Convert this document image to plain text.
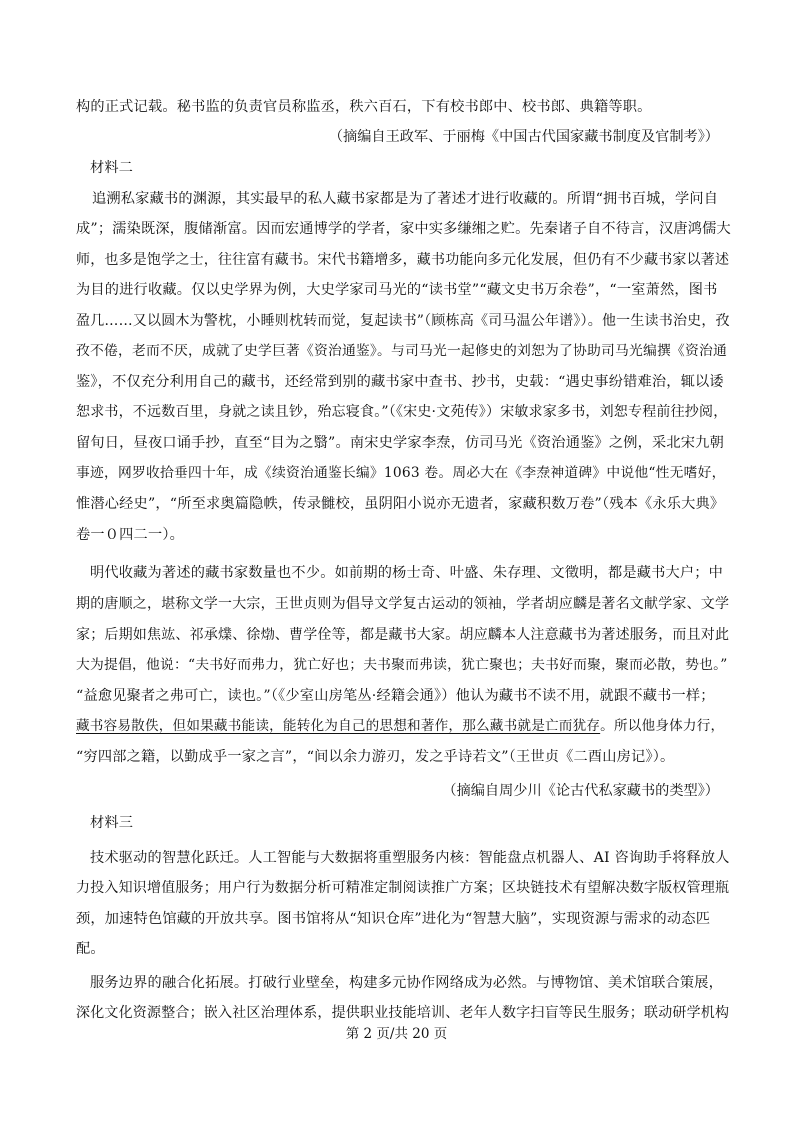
构的正式记载。秘书监的负责官员称监丞，秩六百石，下有校书郎中、校书郎、典籍等职。
（摘编自王政军、于丽梅《中国古代国家藏书制度及官制考》）
材料二
追溯私家藏书的渊源，其实最早的私人藏书家都是为了著述才进行收藏的。所谓“拥书百城，学问自
成”；濡染既深，腹储渐富。因而宏通博学的学者，家中实多缣缃之贮。先秦诸子自不待言，汉唐鸿儒大
师，也多是饱学之士，往往富有藏书。宋代书籍增多，藏书功能向多元化发展，但仍有不少藏书家以著述
为目的进行收藏。仅以史学界为例，大史学家司马光的“读书堂”“藏文史书万余卷”，“一室萧然，图书
盈几……又以圆木为警枕，小睡则枕转而觉，复起读书”（顾栋高《司马温公年谱》）。他一生读书治史，孜
孜不倦，老而不厌，成就了史学巨著《资治通鉴》。与司马光一起修史的刘恕为了协助司马光编撰《资治通
鉴》，不仅充分利用自己的藏书，还经常到别的藏书家中查书、抄书，史载：“遇史事纷错难治，辄以诿
恕求书，不远数百里，身就之读且钞，殆忘寝食。”（《宋史·文苑传》）宋敏求家多书，刘恕专程前往抄阅，
留旬日，昼夜口诵手抄，直至“目为之翳”。南宋史学家李焘，仿司马光《资治通鉴》之例，采北宋九朝
事迹，网罗收拾垂四十年，成《续资治通鉴长编》1063 卷。周必大在《李焘神道碑》中说他“性无嗜好，
惟潜心经史”，“所至求奥篇隐帙，传录雠校，虽阴阳小说亦无遗者，家藏积数万卷”（残本《永乐大典》
卷一０四二一）。
明代收藏为著述的藏书家数量也不少。如前期的杨士奇、叶盛、朱存理、文徵明，都是藏书大户；中
期的唐顺之，堪称文学一大宗，王世贞则为倡导文学复古运动的领袖，学者胡应麟是著名文献学家、文学
家；后期如焦竑、祁承㸁、徐𤊹、曹学佺等，都是藏书大家。胡应麟本人注意藏书为著述服务，而且对此
大为提倡，他说：“夫书好而弗力，犹亡好也；夫书聚而弗读，犹亡聚也；夫书好而聚，聚而必散，势也。”
“益愈见聚者之弗可亡，读也。”（《少室山房笔丛·经籍会通》）他认为藏书不读不用，就跟不藏书一样；
藏书容易散佚，但如果藏书能读，能转化为自己的思想和著作，那么藏书就是亡而犹存。所以他身体力行，
“穷四部之籍，以勤成乎一家之言”，“间以余力游刃，发之乎诗若文”（王世贞《二酉山房记》）。
（摘编自周少川《论古代私家藏书的类型》）
材料三
技术驱动的智慧化跃迁。人工智能与大数据将重塑服务内核：智能盘点机器人、AI 咨询助手将释放人
力投入知识增值服务；用户行为数据分析可精准定制阅读推广方案；区块链技术有望解决数字版权管理瓶
颈，加速特色馆藏的开放共享。图书馆将从“知识仓库”进化为“智慧大脑”，实现资源与需求的动态匹
配。
服务边界的融合化拓展。打破行业壁垒，构建多元协作网络成为必然。与博物馆、美术馆联合策展，
深化文化资源整合；嵌入社区治理体系，提供职业技能培训、老年人数字扫盲等民生服务；联动研学机构
第 2 页/共 20 页
